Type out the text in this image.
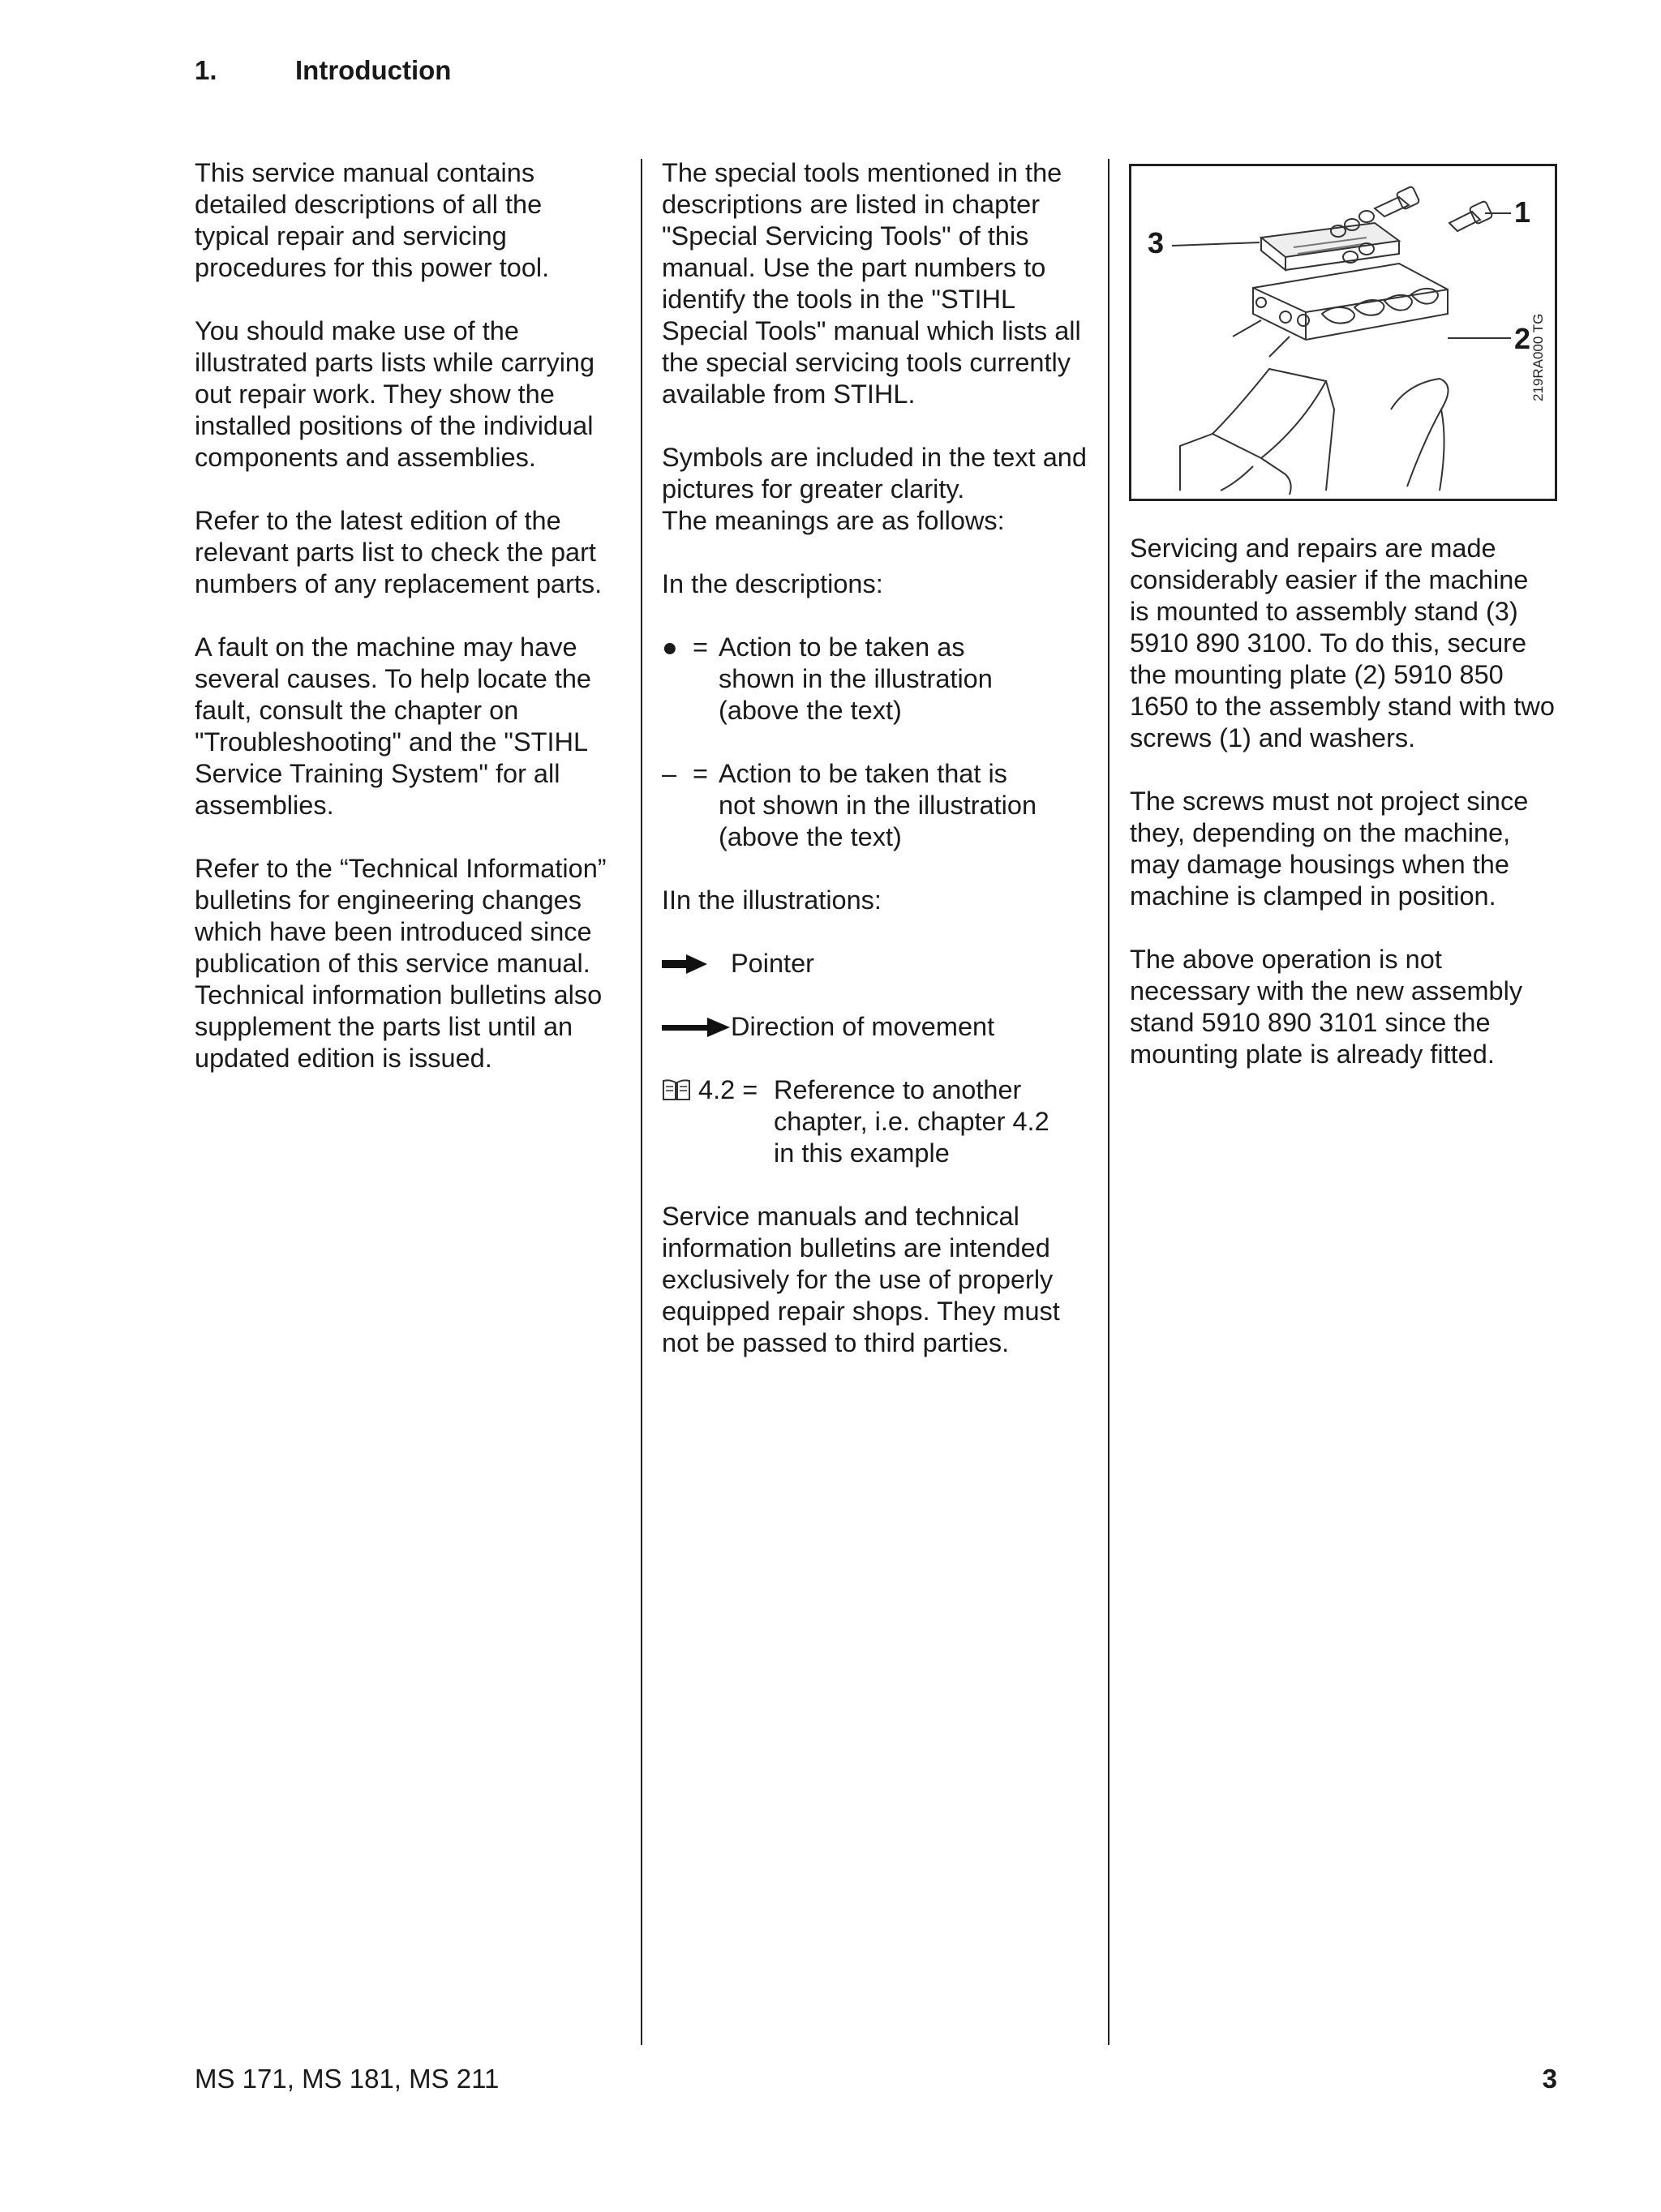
1.	Introduction

This service manual contains
detailed descriptions of all the
typical repair and servicing
procedures for this power tool.

You should make use of the
illustrated parts lists while carrying
out repair work. They show the
installed positions of the individual
components and assemblies.

Refer to the latest edition of the
relevant parts list to check the part
numbers of any replacement parts.

A fault on the machine may have
several causes. To help locate the
fault, consult the chapter on
"Troubleshooting" and the "STIHL
Service Training System" for all
assemblies.

Refer to the “Technical Information”
bulletins for engineering changes
which have been introduced since
publication of this service manual.
Technical information bulletins also
supplement the parts list until an
updated edition is issued.

The special tools mentioned in the
descriptions are listed in chapter
"Special Servicing Tools" of this
manual. Use the part numbers to
identify the tools in the "STIHL
Special Tools" manual which lists all
the special servicing tools currently
available from STIHL.

Symbols are included in the text and
pictures for greater clarity.
The meanings are as follows:

In the descriptions:

● = Action to be taken as
shown in the illustration
(above the text)
– = Action to be taken that is
not shown in the illustration
(above the text)

IIn the illustrations:

Pointer
Direction of movement
4.2 = Reference to another
chapter, i.e. chapter 4.2
in this example

Service manuals and technical
information bulletins are intended
exclusively for the use of properly
equipped repair shops. They must
not be passed to third parties.

3
1
2 219RA000 TG

Servicing and repairs are made
considerably easier if the machine
is mounted to assembly stand (3)
5910 890 3100. To do this, secure
the mounting plate (2) 5910 850
1650 to the assembly stand with two
screws (1) and washers.

The screws must not project since
they, depending on the machine,
may damage housings when the
machine is clamped in position.

The above operation is not
necessary with the new assembly
stand 5910 890 3101 since the
mounting plate is already fitted.

MS 171, MS 181, MS 211	3
